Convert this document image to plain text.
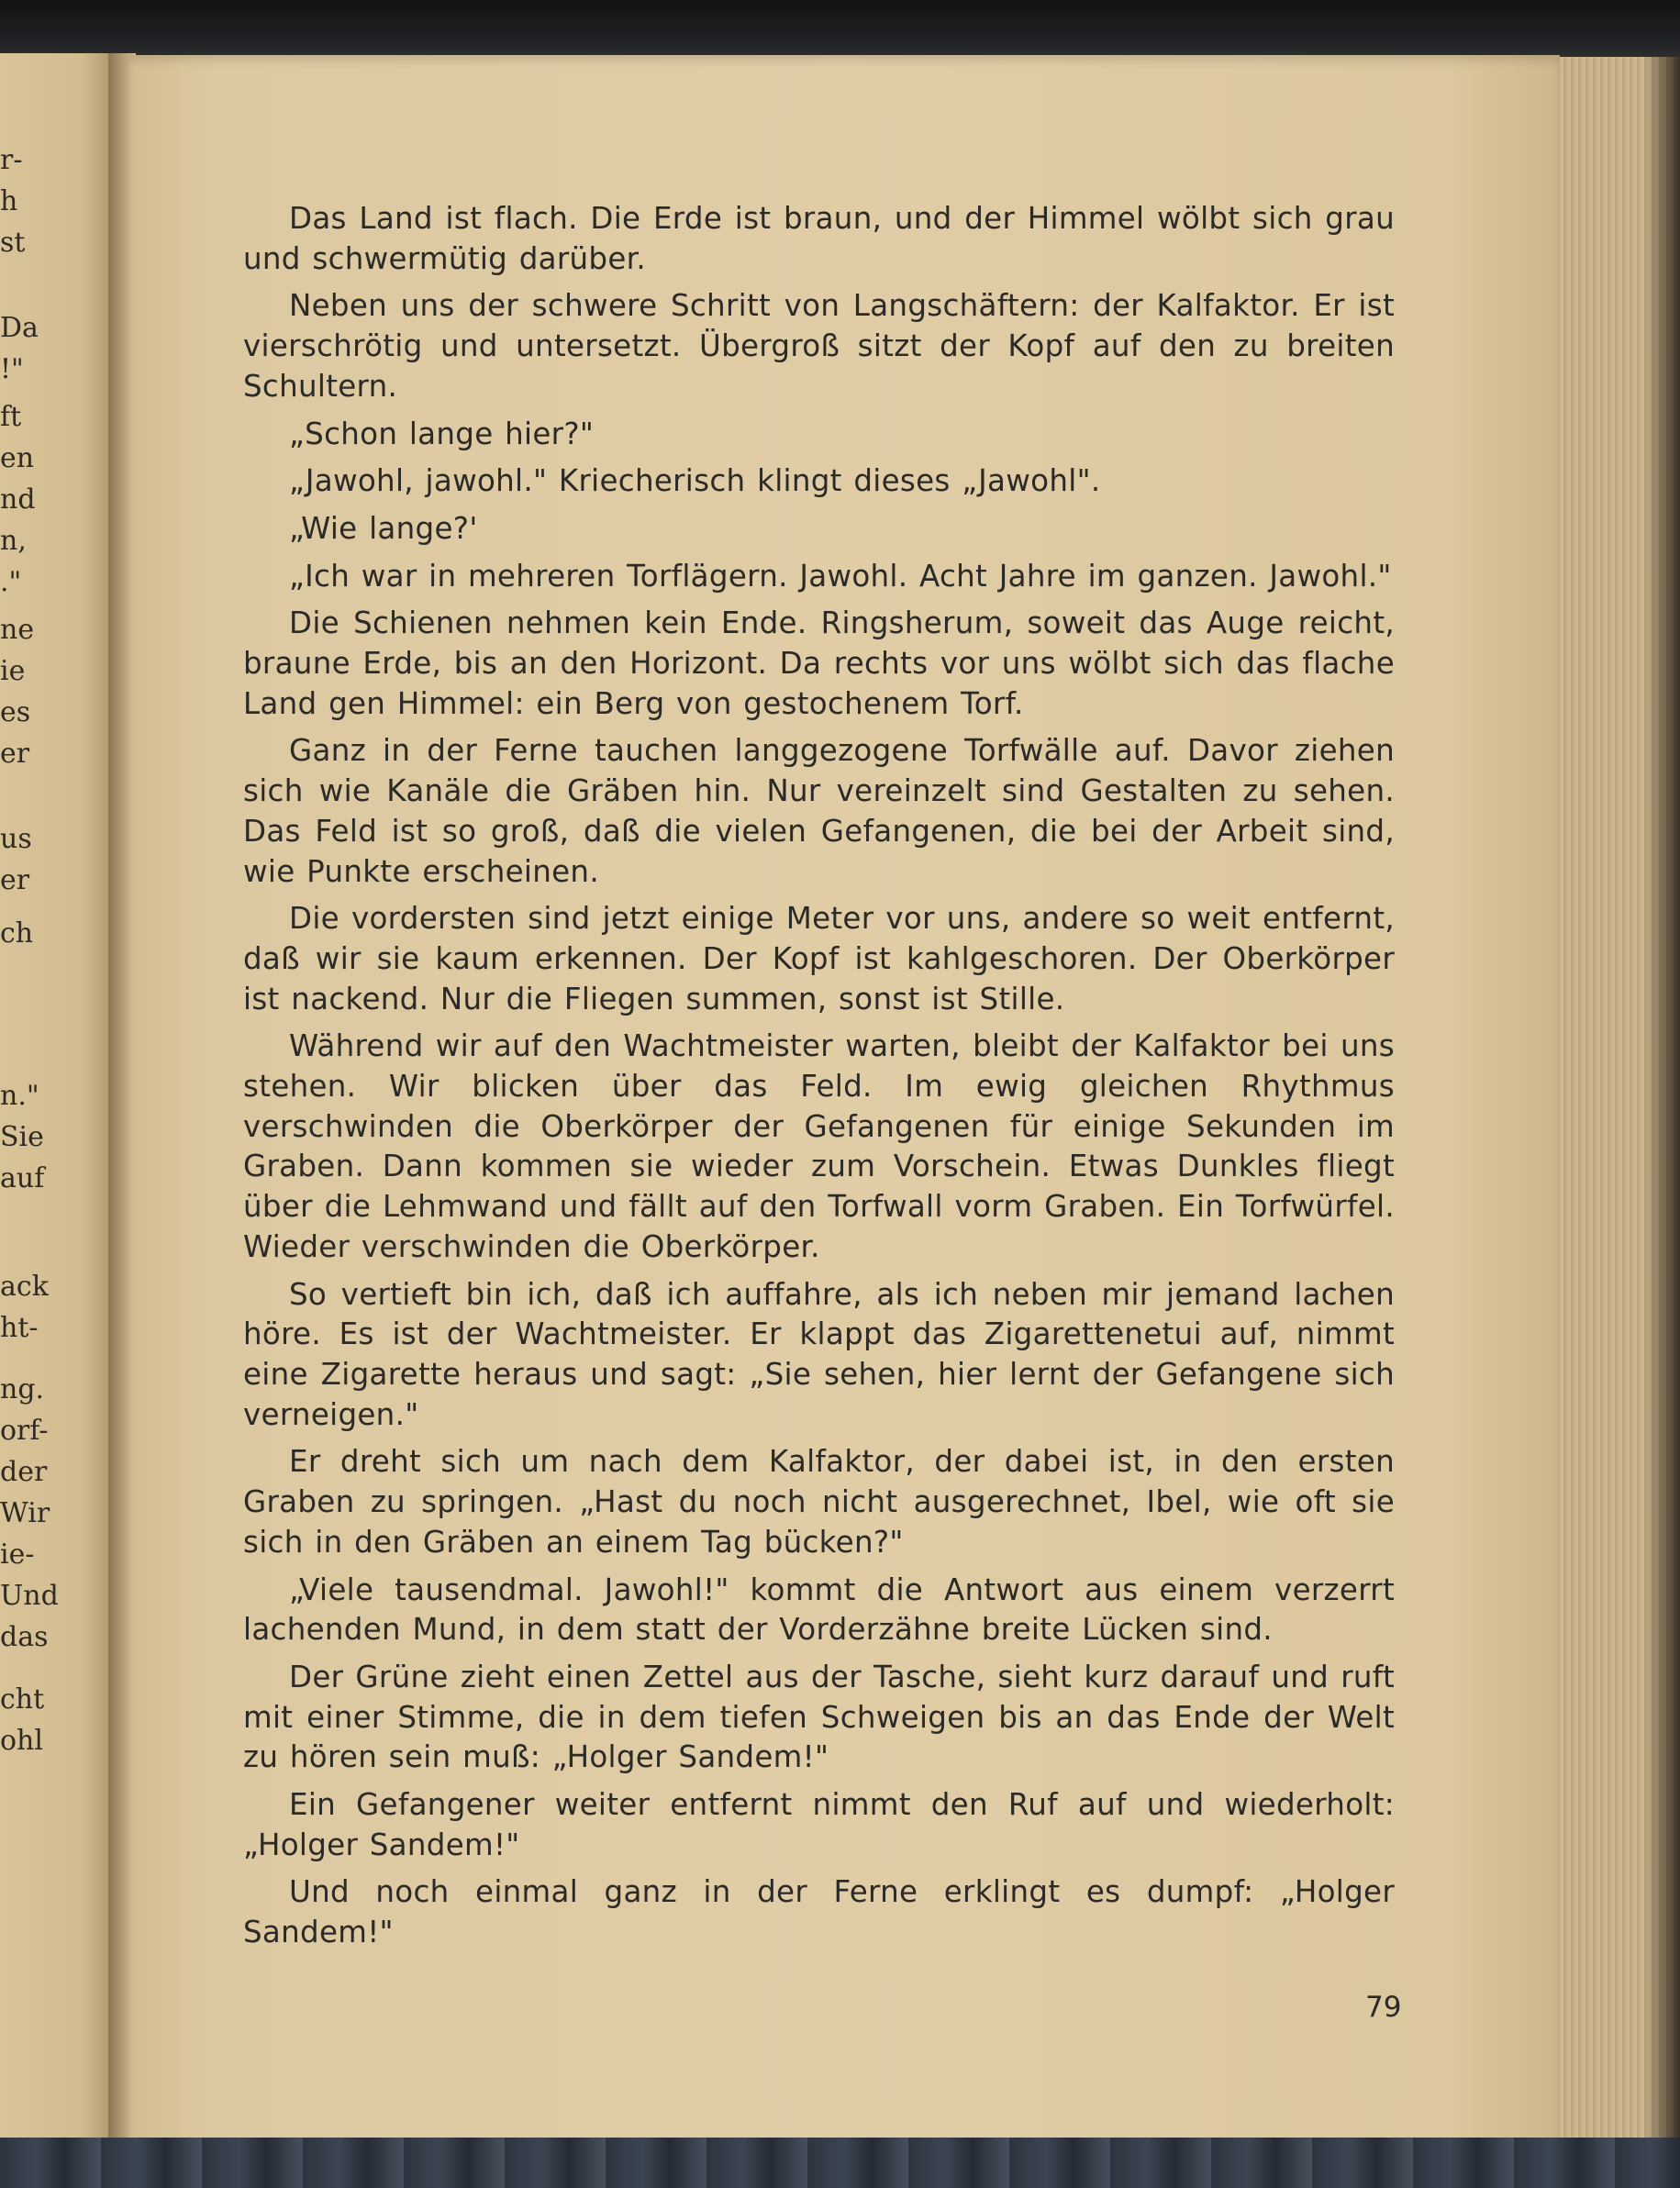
r-
h
st
Da
!"
ft
en
nd
n,
."
ne
ie
es
er
us
er
ch
n."
Sie
auf
ack
ht-
ng.
orf-
der
Wir
ie-
Und
das
cht
ohl

Das Land ist flach. Die Erde ist braun, und der Himmel wölbt sich grau und schwermütig darüber.

Neben uns der schwere Schritt von Langschäftern: der Kalfaktor. Er ist vierschrötig und untersetzt. Übergroß sitzt der Kopf auf den zu breiten Schultern.

„Schon lange hier?"

„Jawohl, jawohl." Kriecherisch klingt dieses „Jawohl".

„Wie lange?'

„Ich war in mehreren Torflägern. Jawohl. Acht Jahre im ganzen. Jawohl."

Die Schienen nehmen kein Ende. Ringsherum, soweit das Auge reicht, braune Erde, bis an den Horizont. Da rechts vor uns wölbt sich das flache Land gen Himmel: ein Berg von gestochenem Torf.

Ganz in der Ferne tauchen langgezogene Torfwälle auf. Davor ziehen sich wie Kanäle die Gräben hin. Nur vereinzelt sind Gestalten zu sehen. Das Feld ist so groß, daß die vielen Gefangenen, die bei der Arbeit sind, wie Punkte erscheinen.

Die vordersten sind jetzt einige Meter vor uns, andere so weit entfernt, daß wir sie kaum erkennen. Der Kopf ist kahlgeschoren. Der Oberkörper ist nackend. Nur die Fliegen summen, sonst ist Stille.

Während wir auf den Wachtmeister warten, bleibt der Kalfaktor bei uns stehen. Wir blicken über das Feld. Im ewig gleichen Rhythmus verschwinden die Oberkörper der Gefangenen für einige Sekunden im Graben. Dann kommen sie wieder zum Vorschein. Etwas Dunkles fliegt über die Lehmwand und fällt auf den Torfwall vorm Graben. Ein Torfwürfel. Wieder verschwinden die Oberkörper.

So vertieft bin ich, daß ich auffahre, als ich neben mir jemand lachen höre. Es ist der Wachtmeister. Er klappt das Zigarettenetui auf, nimmt eine Zigarette heraus und sagt: „Sie sehen, hier lernt der Gefangene sich verneigen."

Er dreht sich um nach dem Kalfaktor, der dabei ist, in den ersten Graben zu springen. „Hast du noch nicht ausgerechnet, Ibel, wie oft sie sich in den Gräben an einem Tag bücken?"

„Viele tausendmal. Jawohl!" kommt die Antwort aus einem verzerrt lachenden Mund, in dem statt der Vorderzähne breite Lücken sind.

Der Grüne zieht einen Zettel aus der Tasche, sieht kurz darauf und ruft mit einer Stimme, die in dem tiefen Schweigen bis an das Ende der Welt zu hören sein muß: „Holger Sandem!"

Ein Gefangener weiter entfernt nimmt den Ruf auf und wiederholt: „Holger Sandem!"

Und noch einmal ganz in der Ferne erklingt es dumpf: „Holger Sandem!"

79
